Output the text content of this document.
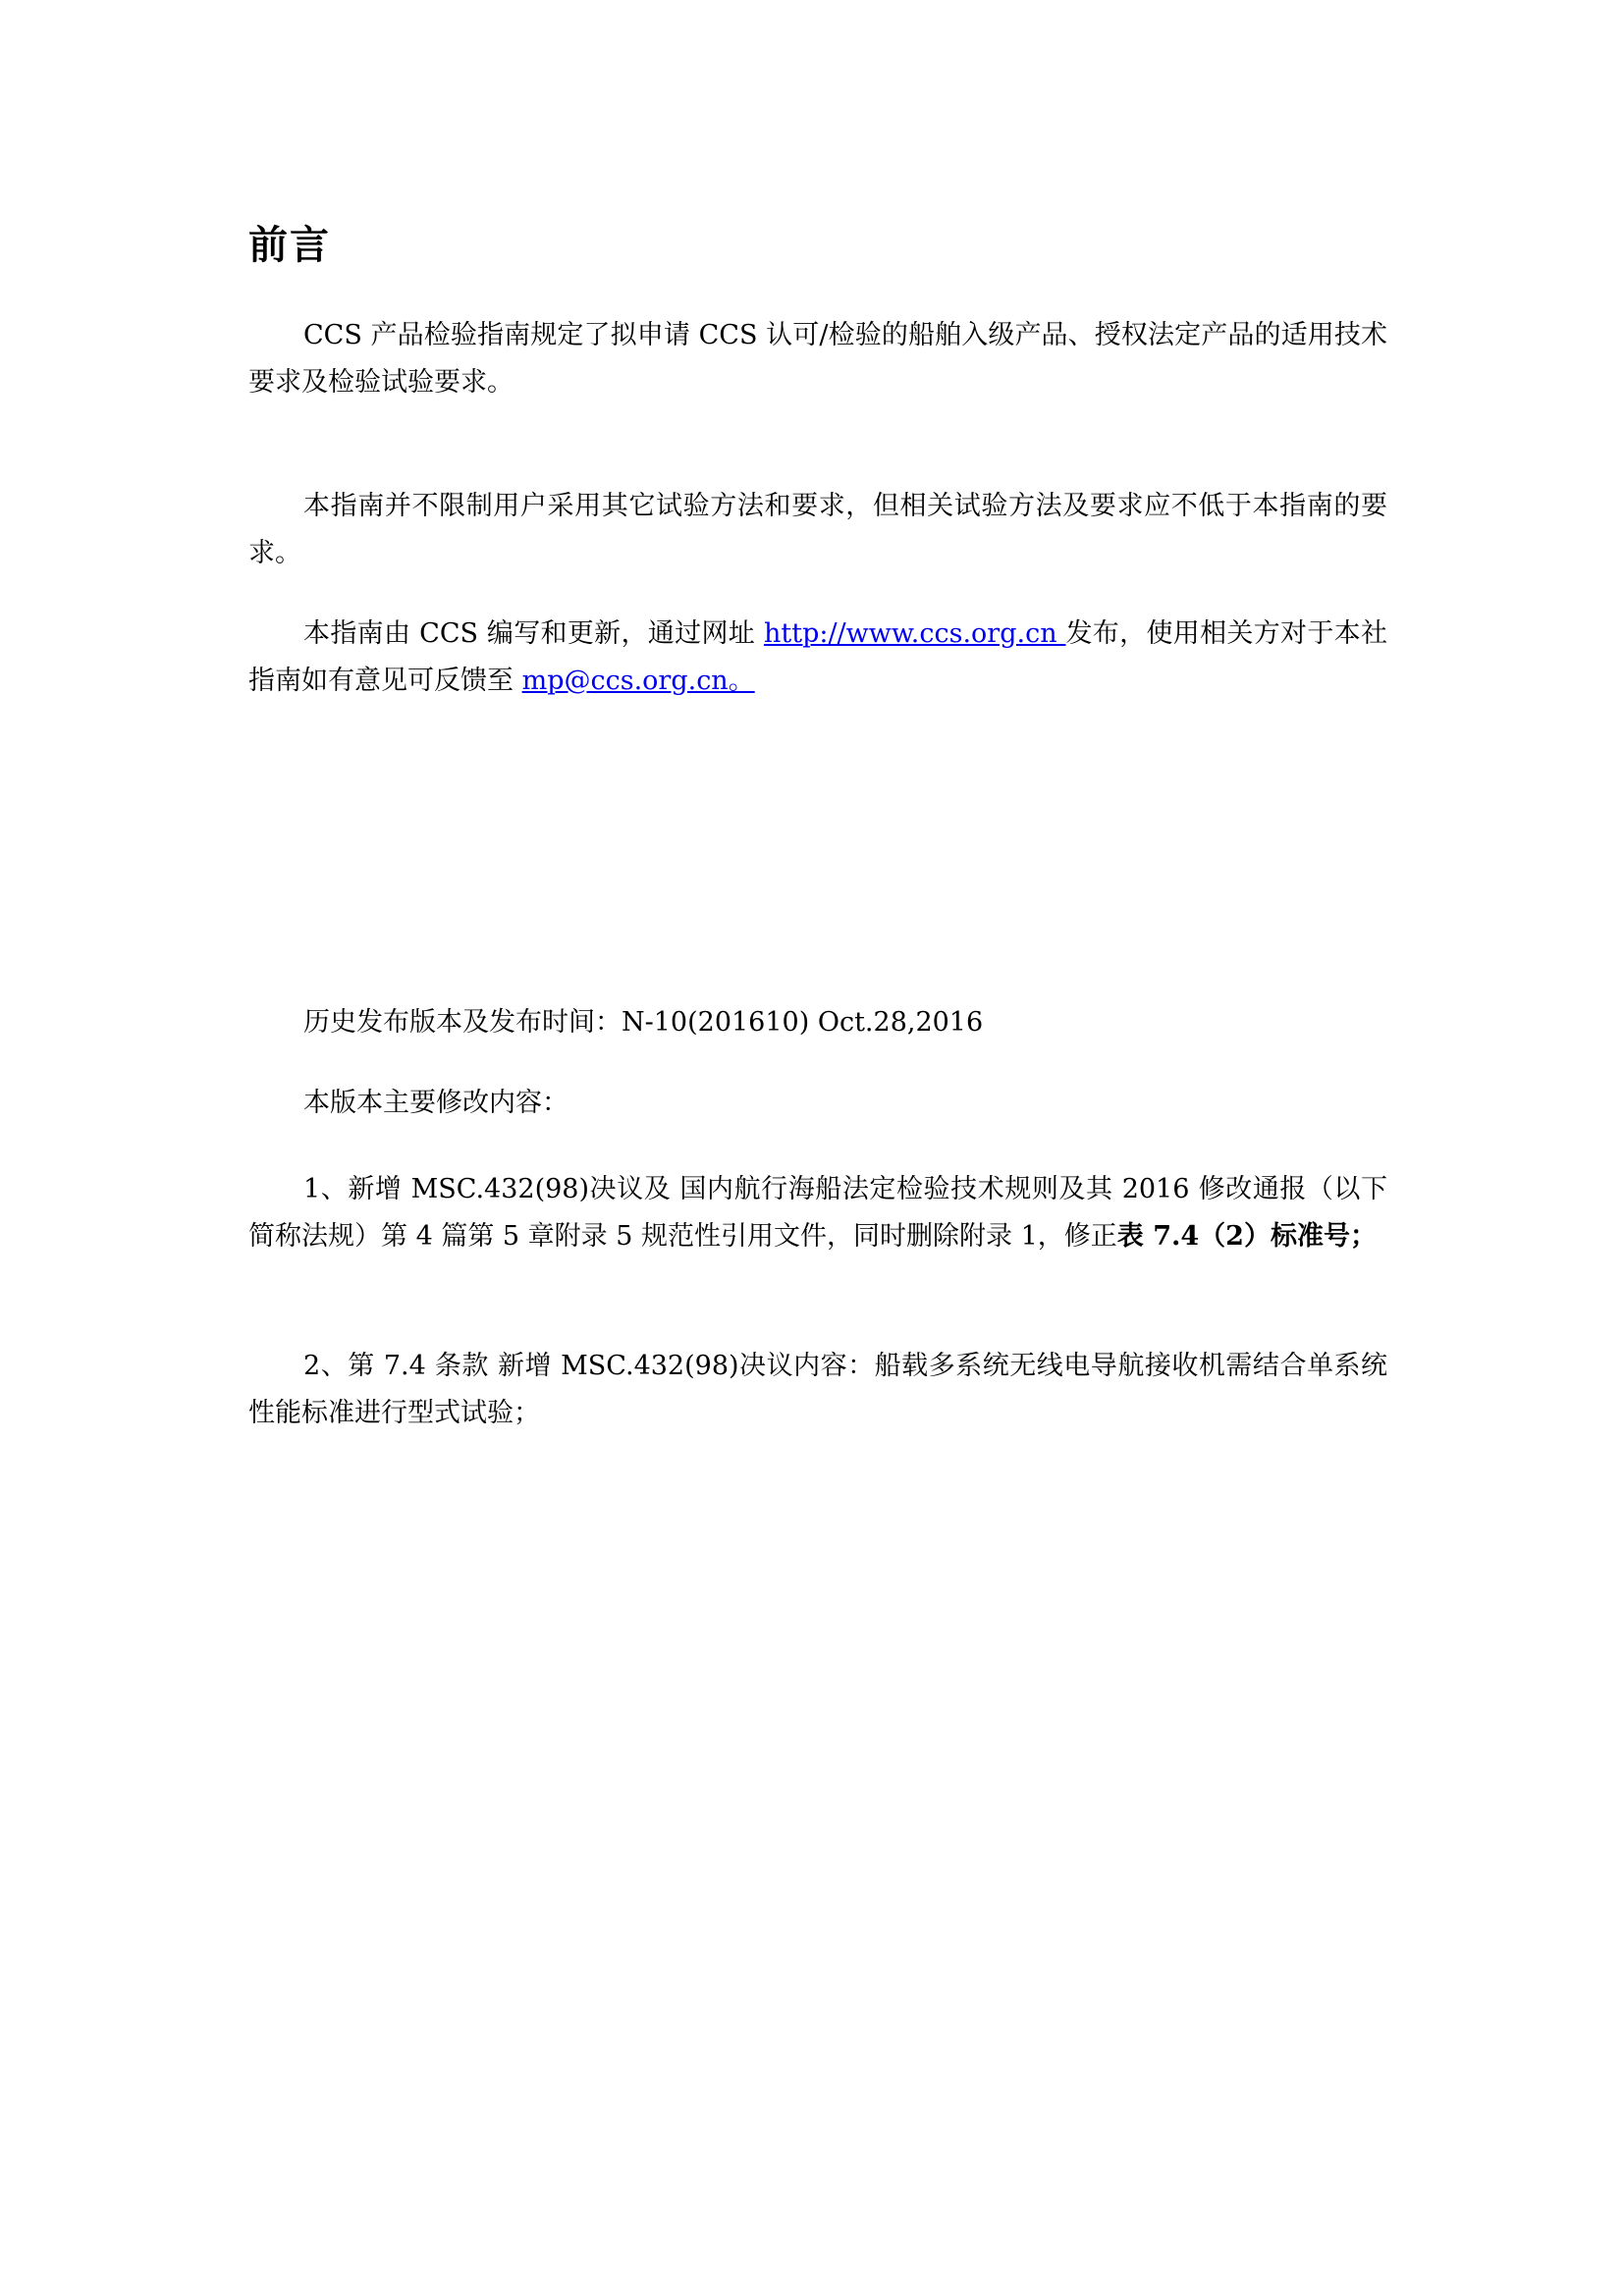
前言

CCS 产品检验指南规定了拟申请 CCS 认可/检验的船舶入级产品、授权法定产品的适用技术要求及检验试验要求。

本指南并不限制用户采用其它试验方法和要求，但相关试验方法及要求应不低于本指南的要求。

本指南由 CCS 编写和更新，通过网址 http://www.ccs.org.cn 发布，使用相关方对于本社指南如有意见可反馈至 mp@ccs.org.cn。

历史发布版本及发布时间：N-10(201610) Oct.28,2016

本版本主要修改内容：

1、新增 MSC.432(98)决议及 国内航行海船法定检验技术规则及其 2016 修改通报（以下简称法规）第 4 篇第 5 章附录 5 规范性引用文件，同时删除附录 1，修正表 7.4（2）标准号；

2、第 7.4 条款 新增 MSC.432(98)决议内容：船载多系统无线电导航接收机需结合单系统性能标准进行型式试验；
